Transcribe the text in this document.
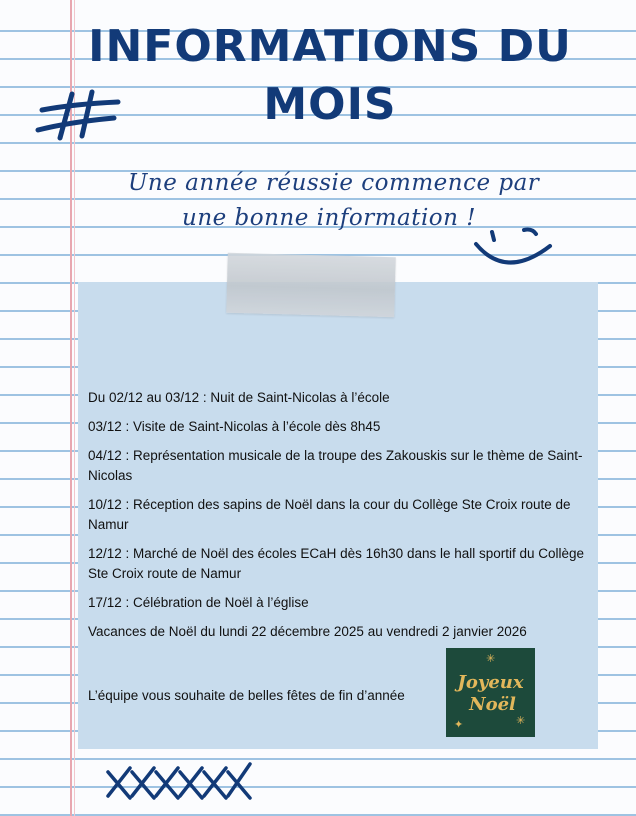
INFORMATIONS DU
MOIS
Une année réussie commence par
une bonne information !
Du 02/12 au 03/12 : Nuit de Saint-Nicolas à l’école
03/12 : Visite de Saint-Nicolas à l’école dès 8h45
04/12 : Représentation musicale de la troupe des Zakouskis sur le thème de Saint-Nicolas
10/12 : Réception des sapins de Noël dans la cour du Collège Ste Croix route de Namur
12/12 : Marché de Noël des écoles ECaH dès 16h30 dans le hall sportif du Collège Ste Croix route de Namur
17/12 : Célébration de Noël à l’église
Vacances de Noël du lundi 22 décembre 2025 au vendredi 2 janvier 2026
L’équipe vous souhaite de belles fêtes de fin d’année
✳
✦	✳
Joyeux
Noël
